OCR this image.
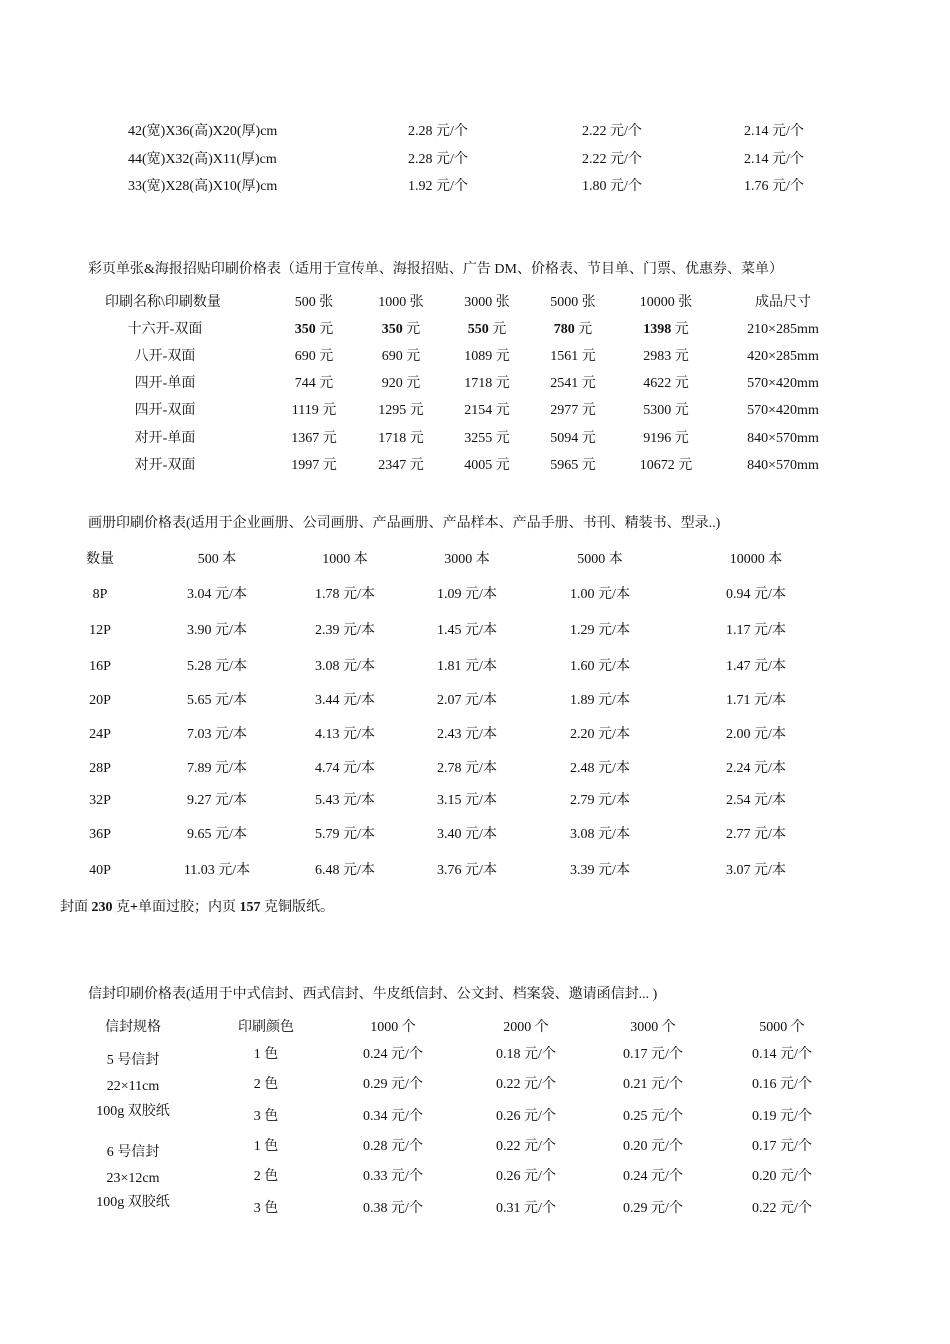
42(宽)X36(高)X20(厚)cm	2.28 元/个	2.22 元/个	2.14 元/个
44(宽)X32(高)X11(厚)cm	2.28 元/个	2.22 元/个	2.14 元/个
33(宽)X28(高)X10(厚)cm	1.92 元/个	1.80 元/个	1.76 元/个
彩页单张&海报招贴印刷价格表（适用于宣传单、海报招贴、广告 DM、价格表、节目单、门票、优惠券、菜单）
印刷名称\印刷数量	500 张	1000 张	3000 张	5000 张	10000 张	成品尺寸
十六开-双面	350 元	350 元	550 元	780 元	1398 元	210×285mm
八开-双面	690 元	690 元	1089 元	1561 元	2983 元	420×285mm
四开-单面	744 元	920 元	1718 元	2541 元	4622 元	570×420mm
四开-双面	1119 元	1295 元	2154 元	2977 元	5300 元	570×420mm
对开-单面	1367 元	1718 元	3255 元	5094 元	9196 元	840×570mm
对开-双面	1997 元	2347 元	4005 元	5965 元	10672 元	840×570mm
画册印刷价格表(适用于企业画册、公司画册、产品画册、产品样本、产品手册、书刊、精装书、型录..)
数量	500 本	1000 本	3000 本	5000 本	10000 本
8P	3.04 元/本	1.78 元/本	1.09 元/本	1.00 元/本	0.94 元/本
12P	3.90 元/本	2.39 元/本	1.45 元/本	1.29 元/本	1.17 元/本
16P	5.28 元/本	3.08 元/本	1.81 元/本	1.60 元/本	1.47 元/本
20P	5.65 元/本	3.44 元/本	2.07 元/本	1.89 元/本	1.71 元/本
24P	7.03 元/本	4.13 元/本	2.43 元/本	2.20 元/本	2.00 元/本
28P	7.89 元/本	4.74 元/本	2.78 元/本	2.48 元/本	2.24 元/本
32P	9.27 元/本	5.43 元/本	3.15 元/本	2.79 元/本	2.54 元/本
36P	9.65 元/本	5.79 元/本	3.40 元/本	3.08 元/本	2.77 元/本
40P	11.03 元/本	6.48 元/本	3.76 元/本	3.39 元/本	3.07 元/本
封面 230 克+单面过胶；内页 157 克铜版纸。
信封印刷价格表(适用于中式信封、西式信封、牛皮纸信封、公文封、档案袋、邀请函信封... )
信封规格	印刷颜色	1000 个	2000 个	3000 个	5000 个
5 号信封
22×11cm
100g 双胶纸
1 色	0.24 元/个	0.18 元/个	0.17 元/个	0.14 元/个
2 色	0.29 元/个	0.22 元/个	0.21 元/个	0.16 元/个
3 色	0.34 元/个	0.26 元/个	0.25 元/个	0.19 元/个
6 号信封
23×12cm
100g 双胶纸
1 色	0.28 元/个	0.22 元/个	0.20 元/个	0.17 元/个
2 色	0.33 元/个	0.26 元/个	0.24 元/个	0.20 元/个
3 色	0.38 元/个	0.31 元/个	0.29 元/个	0.22 元/个
